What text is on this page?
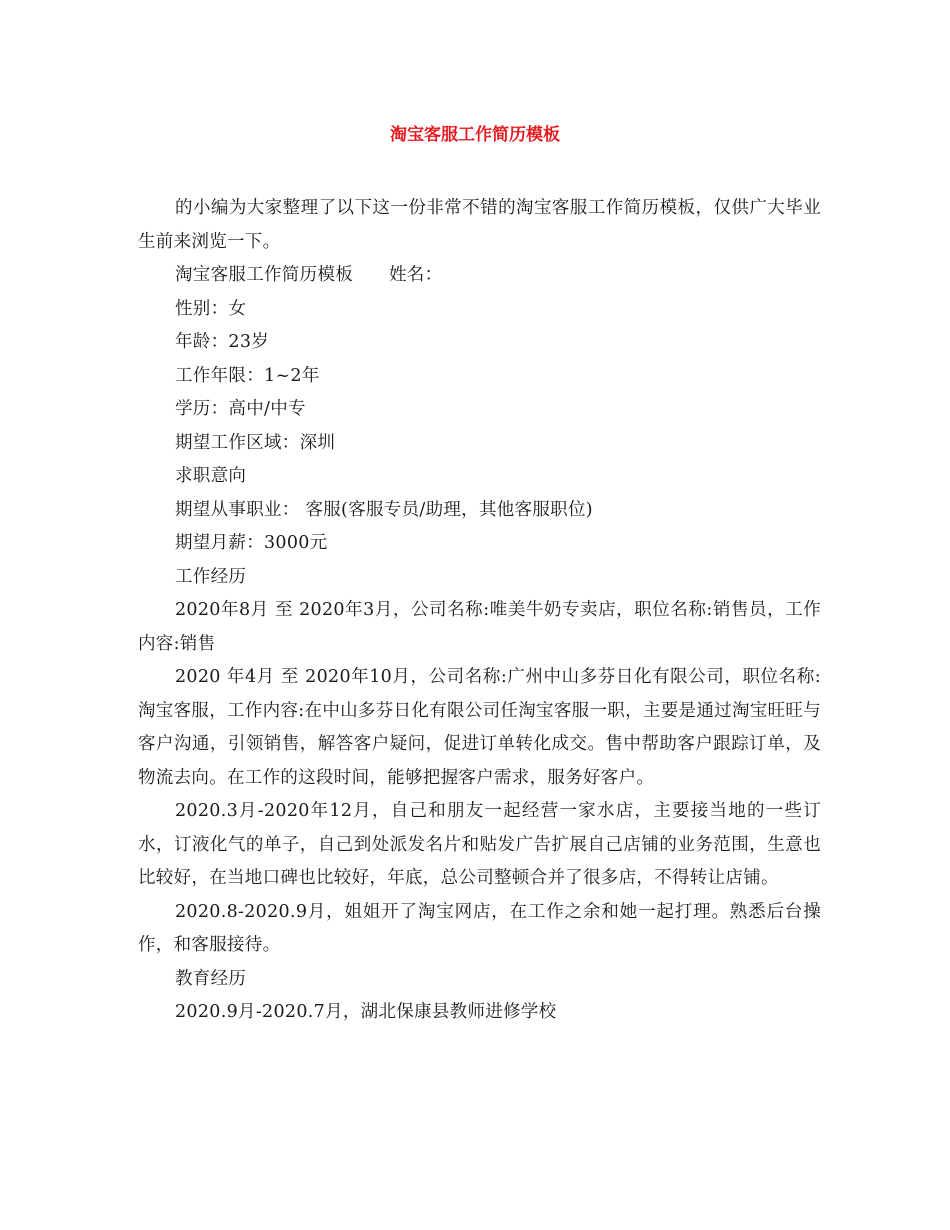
淘宝客服工作简历模板

的小编为大家整理了以下这一份非常不错的淘宝客服工作简历模板，仅供广大毕业生前来浏览一下。

淘宝客服工作简历模板 姓名：

性别：女

年龄：23岁

工作年限：1~2年

学历：高中/中专

期望工作区域：深圳

求职意向

期望从事职业： 客服(客服专员/助理，其他客服职位)

期望月薪：3000元

工作经历

2020年8月 至 2020年3月，公司名称:唯美牛奶专卖店，职位名称:销售员，工作内容:销售

2020 年4月 至 2020年10月，公司名称:广州中山多芬日化有限公司，职位名称:淘宝客服，工作内容:在中山多芬日化有限公司任淘宝客服一职，主要是通过淘宝旺旺与客户沟通，引领销售，解答客户疑问，促进订单转化成交。售中帮助客户跟踪订单，及物流去向。在工作的这段时间，能够把握客户需求，服务好客户。

2020.3月-2020年12月，自己和朋友一起经营一家水店，主要接当地的一些订水，订液化气的单子，自己到处派发名片和贴发广告扩展自己店铺的业务范围，生意也比较好，在当地口碑也比较好，年底，总公司整顿合并了很多店，不得转让店铺。

2020.8-2020.9月，姐姐开了淘宝网店，在工作之余和她一起打理。熟悉后台操作，和客服接待。

教育经历

2020.9月-2020.7月，湖北保康县教师进修学校
